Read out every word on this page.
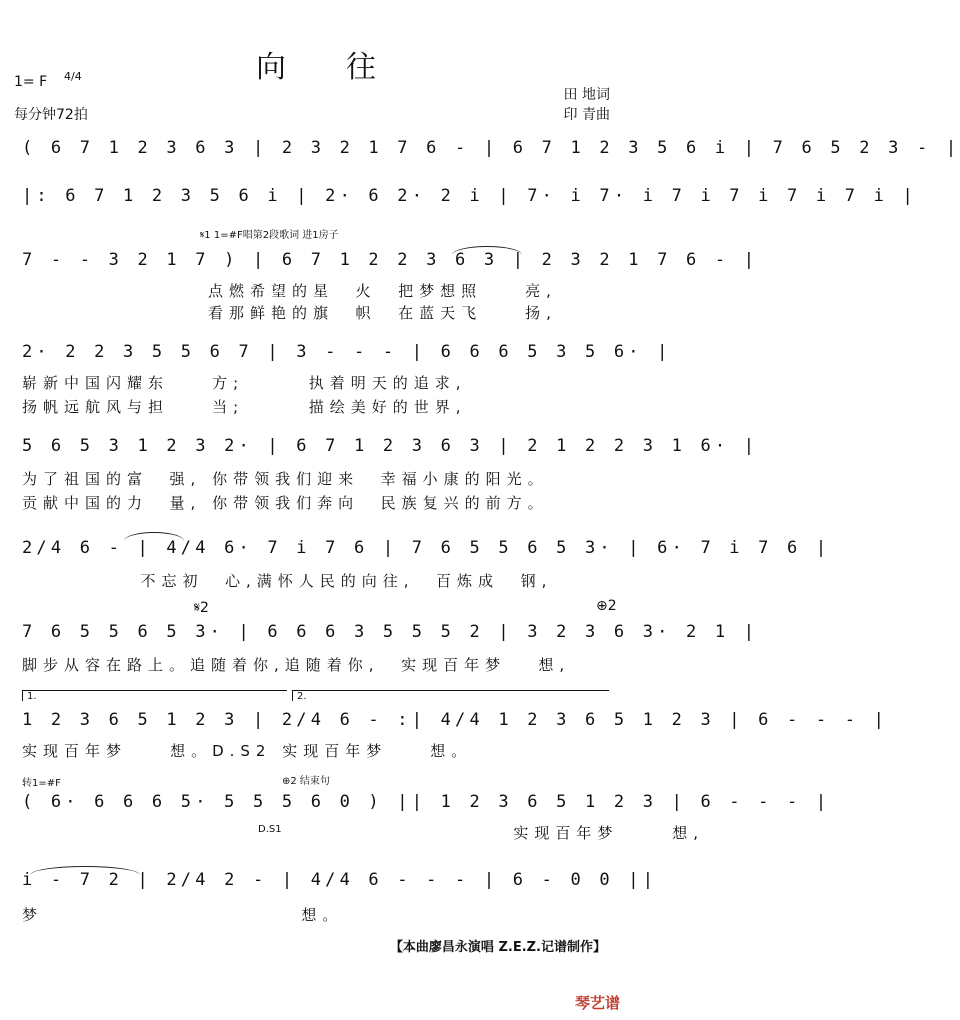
向往
1= F 4/4
每分钟72拍
田 地词
印 青曲
( 6 7 1 2 3 6 3 | 2 3 2 1 7 6 - | 6 7 1 2 3 5 6 i | 7 6 5 2 3 - |
|: 6 7 1 2 3 5 6 i | 2· 6 2· 2 i | 7· i 7· i 7 i 7 i 7 i 7 i |
𝄋1 1=#F唱第2段歌词 进1房子
7 - - 3 2 1 7 ) | 6 7 1 2 2 3 6 3 | 2 3 2 1 7 6 - |
点燃希望的星  火  把梦想照    亮,
看那鲜艳的旗  帜  在蓝天飞    扬,
2· 2 2 3 5 5 6 7 | 3 - - - | 6 6 6 5 3 5 6· |
崭新中国闪耀东    方;      执着明天的追求,
扬帆远航风与担    当;      描绘美好的世界,
5 6 5 3 1 2 3 2· | 6 7 1 2 3 6 3 | 2 1 2 2 3 1 6· |
为了祖国的富  强, 你带领我们迎来  幸福小康的阳光。
贡献中国的力  量, 你带领我们奔向  民族复兴的前方。
2/4 6 - | 4/4 6· 7 i 7 6 | 7 6 5 5 6 5 3· | 6· 7 i 7 6 |
不忘初  心,满怀人民的向往,  百炼成  钢,
𝄋2	⊕2
7 6 5 5 6 5 3· | 6 6 6 3 5 5 5 2 | 3 2 3 6 3· 2 1 |
脚步从容在路上。追随着你,追随着你,  实现百年梦   想,
1.	2.
1 2 3 6 5 1 2 3 | 2/4 6 - :| 4/4 1 2 3 6 5 1 2 3 | 6 - - - |
实现百年梦    想。D.S2 实现百年梦    想。
转1=#F	⊕2 结束句
( 6· 6 6 6 5· 5 5 5 6 0 ) || 1 2 3 6 5 1 2 3 | 6 - - - |
实现百年梦     想,
D.S1
i - 7 2 | 2/4 2 - | 4/4 6 - - - | 6 - 0 0 ||
梦                        想。
【本曲廖昌永演唱 Z.E.Z.记谱制作】
琴艺谱
